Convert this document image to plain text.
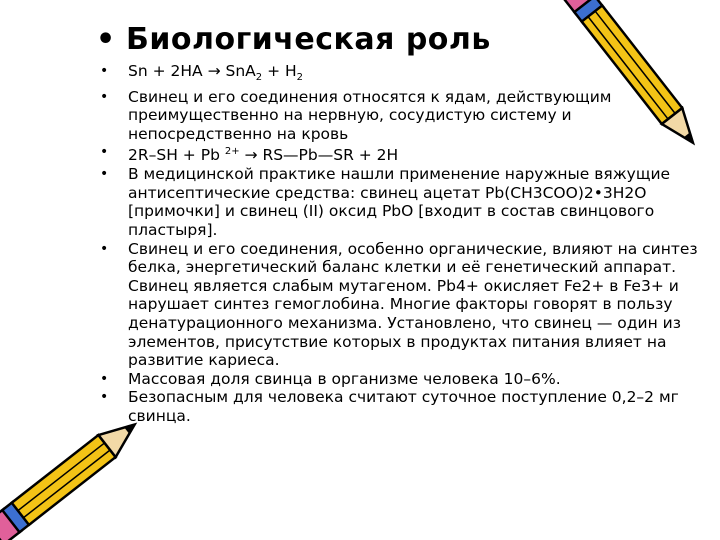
• Биологическая роль
• $Sn + 2HA \to SnA_2 + H_2$
• Свинец и его соединения относятся к ядам, действующим преимущественно на нервную, сосудистую систему и непосредственно на кровь
• 2R–SH + Pb $^{2+}$ → RS—Pb—SR + 2H
• В медицинской практике нашли применение наружные вяжущие антисептические средства: свинец ацетат Pb(CH3COO)2•3H2O [примочки] и свинец (II) оксид PbO [входит в состав свинцового пластыря].
• Свинец и его соединения, особенно органические, влияют на синтез белка, энергетический баланс клетки и её генетический аппарат. Свинец является слабым мутагеном. Pb4+ окисляет Fe2+ в Fe3+ и нарушает синтез гемоглобина. Многие факторы говорят в пользу денатурационного механизма. Установлено, что свинец — один из элементов, присутствие которых в продуктах питания влияет на развитие кариеса.
• Массовая доля свинца в организме человека 10–6%.
• Безопасным для человека считают суточное поступление 0,2–2 мг свинца.
